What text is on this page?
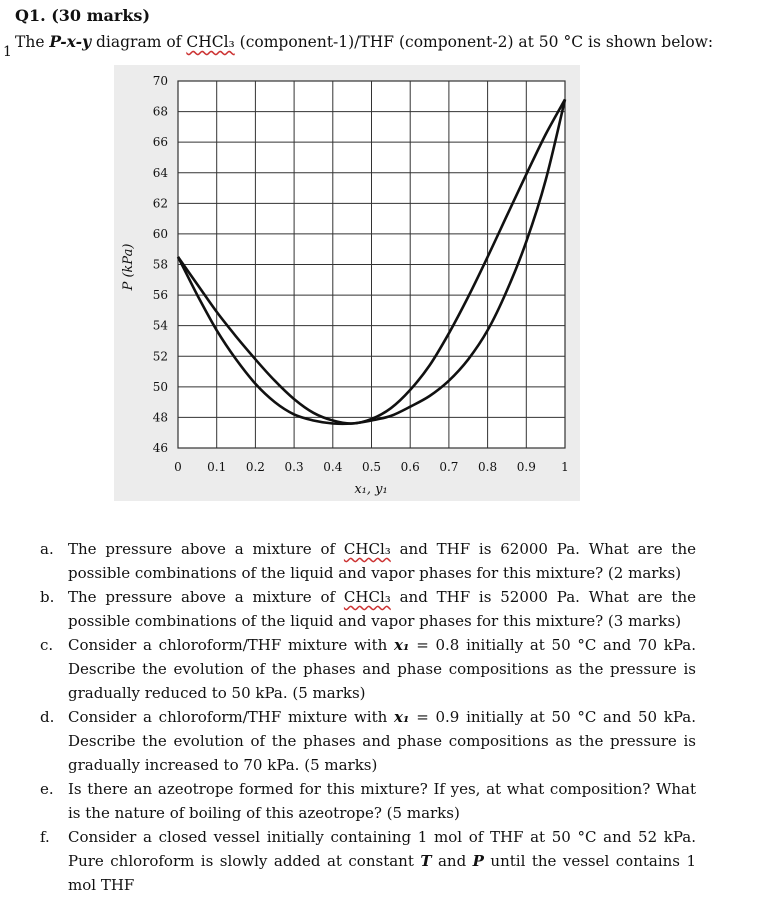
Q1. (30 marks)
1
The P-x-y diagram of CHCl₃ (component-1)/THF (component-2) at 50 °C is shown below:
46
48
50
52
54
56
58
60
62
64
66
68
70
0 0.1 0.2 0.3 0.4 0.5 0.6 0.7 0.8 0.9 1
P (kPa)
x₁, y₁
a. The pressure above a mixture of CHCl₃ and THF is 62000 Pa. What are the possible combinations of the liquid and vapor phases for this mixture? (2 marks)
b. The pressure above a mixture of CHCl₃ and THF is 52000 Pa. What are the possible combinations of the liquid and vapor phases for this mixture? (3 marks)
c. Consider a chloroform/THF mixture with x₁ = 0.8 initially at 50 °C and 70 kPa. Describe the evolution of the phases and phase compositions as the pressure is gradually reduced to 50 kPa. (5 marks)
d. Consider a chloroform/THF mixture with x₁ = 0.9 initially at 50 °C and 50 kPa. Describe the evolution of the phases and phase compositions as the pressure is gradually increased to 70 kPa. (5 marks)
e. Is there an azeotrope formed for this mixture? If yes, at what composition? What is the nature of boiling of this azeotrope? (5 marks)
f. Consider a closed vessel initially containing 1 mol of THF at 50 °C and 52 kPa. Pure chloroform is slowly added at constant T and P until the vessel contains 1 mol THF
